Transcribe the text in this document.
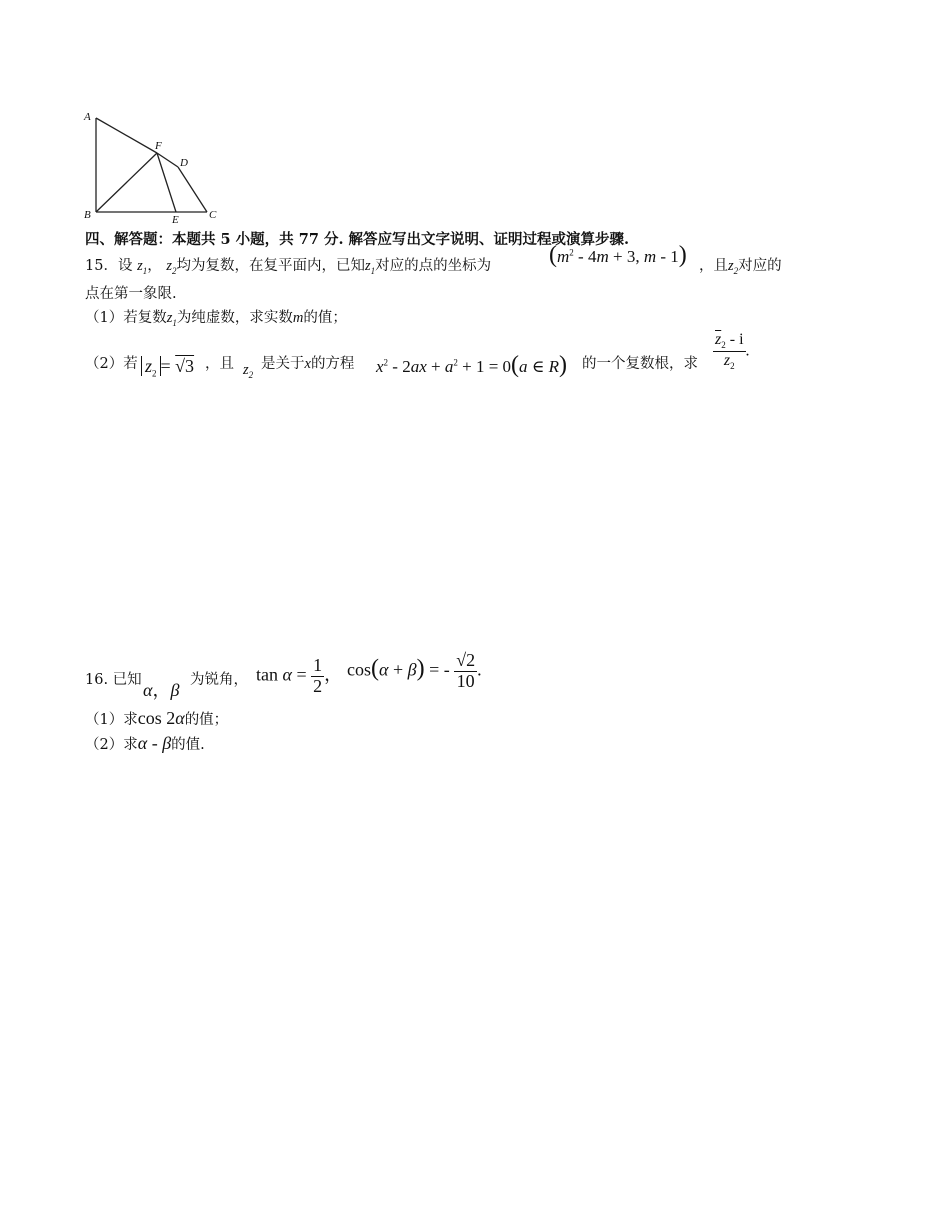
A
B	C
D
E
F
四、解答题：本题共 5 小题，共 77 分. 解答应写出文字说明、证明过程或演算步骤.
15．设 $z_1$， $z_2$均为复数，在复平面内，已知$z_1$对应的点的坐标为 ($m^2 - 4m + 3$, m - 1) ，且$z_2$对应的
点在第一象限.
（1）若复数$z_1$为纯虚数，求实数m的值；
（2）若 $z_2 = √3$ ，且 $z_2$
是关于x的方程 $x^2 - 2ax + a^2 + 1 = 0(a$ ∈ R) 的一个复数根，求 $\frac{\overline{z}_2 - i}{z_2}$ .
16. 已知 α，β 为锐角， $\tan \alpha = \frac{1}{2}$ ， cos(α + β) = - $\frac{√2}{10}$ .
（1）求cos 2α的值；
（2）求α - β的值.
